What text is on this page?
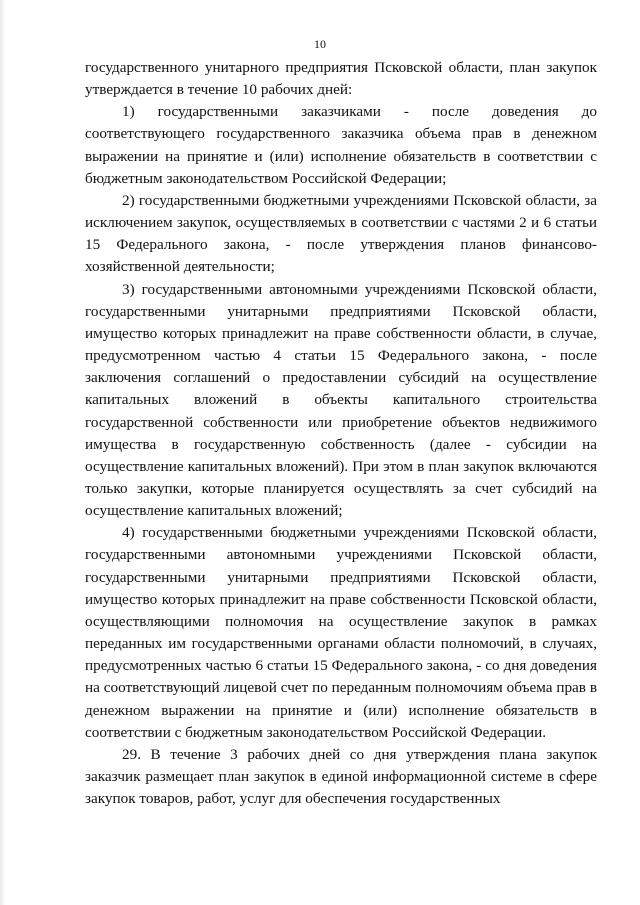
10

государственного унитарного предприятия Псковской области, план закупок утверждается в течение 10 рабочих дней:

1) государственными заказчиками - после доведения до соответствующего государственного заказчика объема прав в денежном выражении на принятие и (или) исполнение обязательств в соответствии с бюджетным законодательством Российской Федерации;

2) государственными бюджетными учреждениями Псковской области, за исключением закупок, осуществляемых в соответствии с частями 2 и 6 статьи 15 Федерального закона, - после утверждения планов финансово-хозяйственной деятельности;

3) государственными автономными учреждениями Псковской области, государственными унитарными предприятиями Псковской области, имущество которых принадлежит на праве собственности области, в случае, предусмотренном частью 4 статьи 15 Федерального закона, - после заключения соглашений о предоставлении субсидий на осуществление капитальных вложений в объекты капитального строительства государственной собственности или приобретение объектов недвижимого имущества в государственную собственность (далее - субсидии на осуществление капитальных вложений). При этом в план закупок включаются только закупки, которые планируется осуществлять за счет субсидий на осуществление капитальных вложений;

4) государственными бюджетными учреждениями Псковской области, государственными автономными учреждениями Псковской области, государственными унитарными предприятиями Псковской области, имущество которых принадлежит на праве собственности Псковской области, осуществляющими полномочия на осуществление закупок в рамках переданных им государственными органами области полномочий, в случаях, предусмотренных частью 6 статьи 15 Федерального закона, - со дня доведения на соответствующий лицевой счет по переданным полномочиям объема прав в денежном выражении на принятие и (или) исполнение обязательств в соответствии с бюджетным законодательством Российской Федерации.

29. В течение 3 рабочих дней со дня утверждения плана закупок заказчик размещает план закупок в единой информационной системе в сфере закупок товаров, работ, услуг для обеспечения государственных
